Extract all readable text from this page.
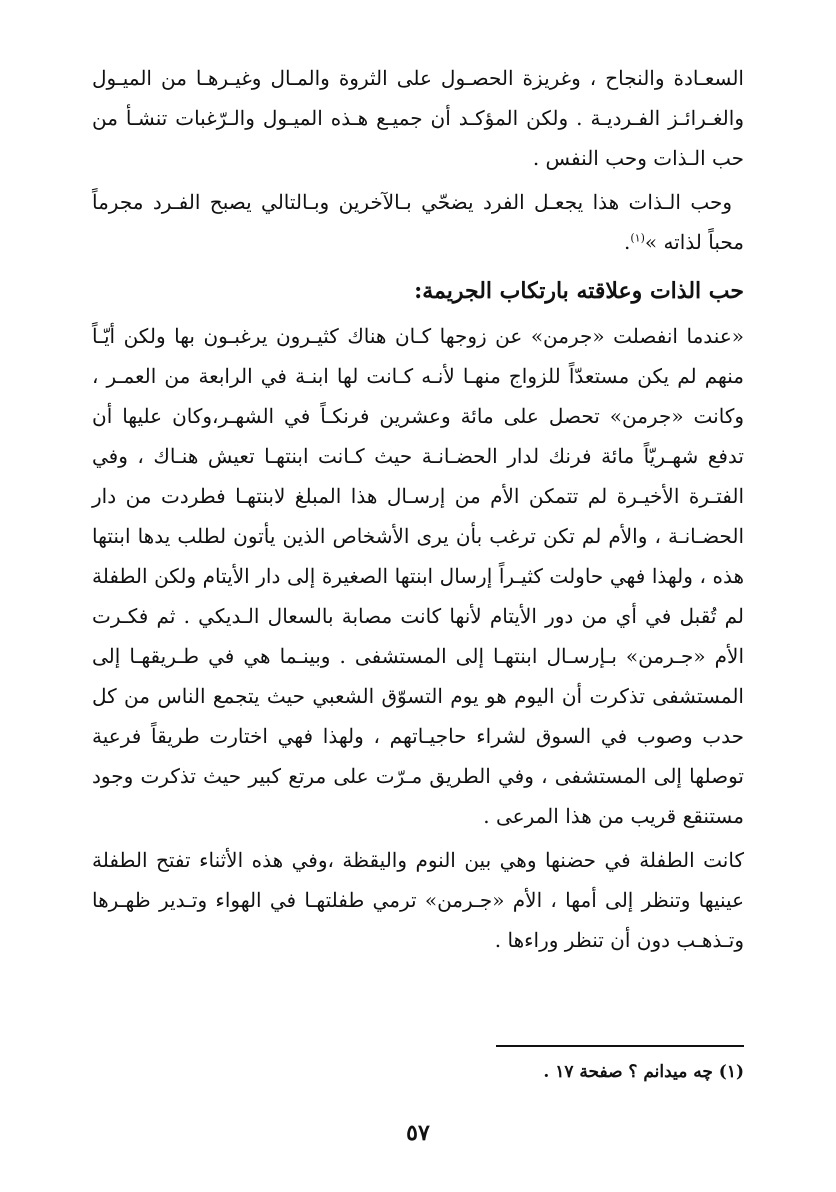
السعـادة والنجاح ، وغريزة الحصـول على الثروة والمـال وغيـرهـا من الميـول والغـرائـز الفـرديـة . ولكن المؤكـد أن جميـع هـذه الميـول والـرّغبات تنشـأ من حب الـذات وحب النفس .

وحب الـذات هذا يجعـل الفرد يضحّي بـالآخرين وبـالتالي يصبح الفـرد مجرماً محباً لذاته »$^{(١)}$.

حب الذات وعلاقته بارتكاب الجريمة:

«عندما انفصلت «جرمن» عن زوجها كـان هناك كثيـرون يرغبـون بها ولكن أيّـاً منهم لم يكن مستعدّاً للزواج منهـا لأنـه كـانت لها ابنـة في الرابعة من العمـر ، وكانت «جرمن» تحصل على مائة وعشرين فرنكـاً في الشهـر،وكان عليها أن تدفع شهـريّاً مائة فرنك لدار الحضـانـة حيث كـانت ابنتهـا تعيش هنـاك ، وفي الفتـرة الأخيـرة لم تتمكن الأم من إرسـال هذا المبلغ لابنتهـا فطردت من دار الحضـانـة ، والأم لم تكن ترغب بأن يرى الأشخاص الذين يأتون لطلب يدها ابنتها هذه ، ولهذا فهي حاولت كثيـراً إرسال ابنتها الصغيرة إلى دار الأيتام ولكن الطفلة لم تُقبل في أي من دور الأيتام لأنها كانت مصابة بالسعال الـديكي . ثم فكـرت الأم «جـرمن» بـإرسـال ابنتهـا إلى المستشفى . وبينـما هي في طـريقهـا إلى المستشفى تذكرت أن اليوم هو يوم التسوّق الشعبي حيث يتجمع الناس من كل حدب وصوب في السوق لشراء حاجيـاتهم ، ولهذا فهي اختارت طريقاً فرعية توصلها إلى المستشفى ، وفي الطريق مـرّت على مرتع كبير حيث تذكرت وجود مستنقع قريب من هذا المرعى .

كانت الطفلة في حضنها وهي بين النوم واليقظة ،وفي هذه الأثناء تفتح الطفلة عينيها وتنظر إلى أمها ، الأم «جـرمن» ترمي طفلتهـا في الهواء وتـدير ظهـرها وتـذهـب دون أن تنظر وراءها .

(١) چه ميدانم ؟ صفحة ١٧ .
٥٧
